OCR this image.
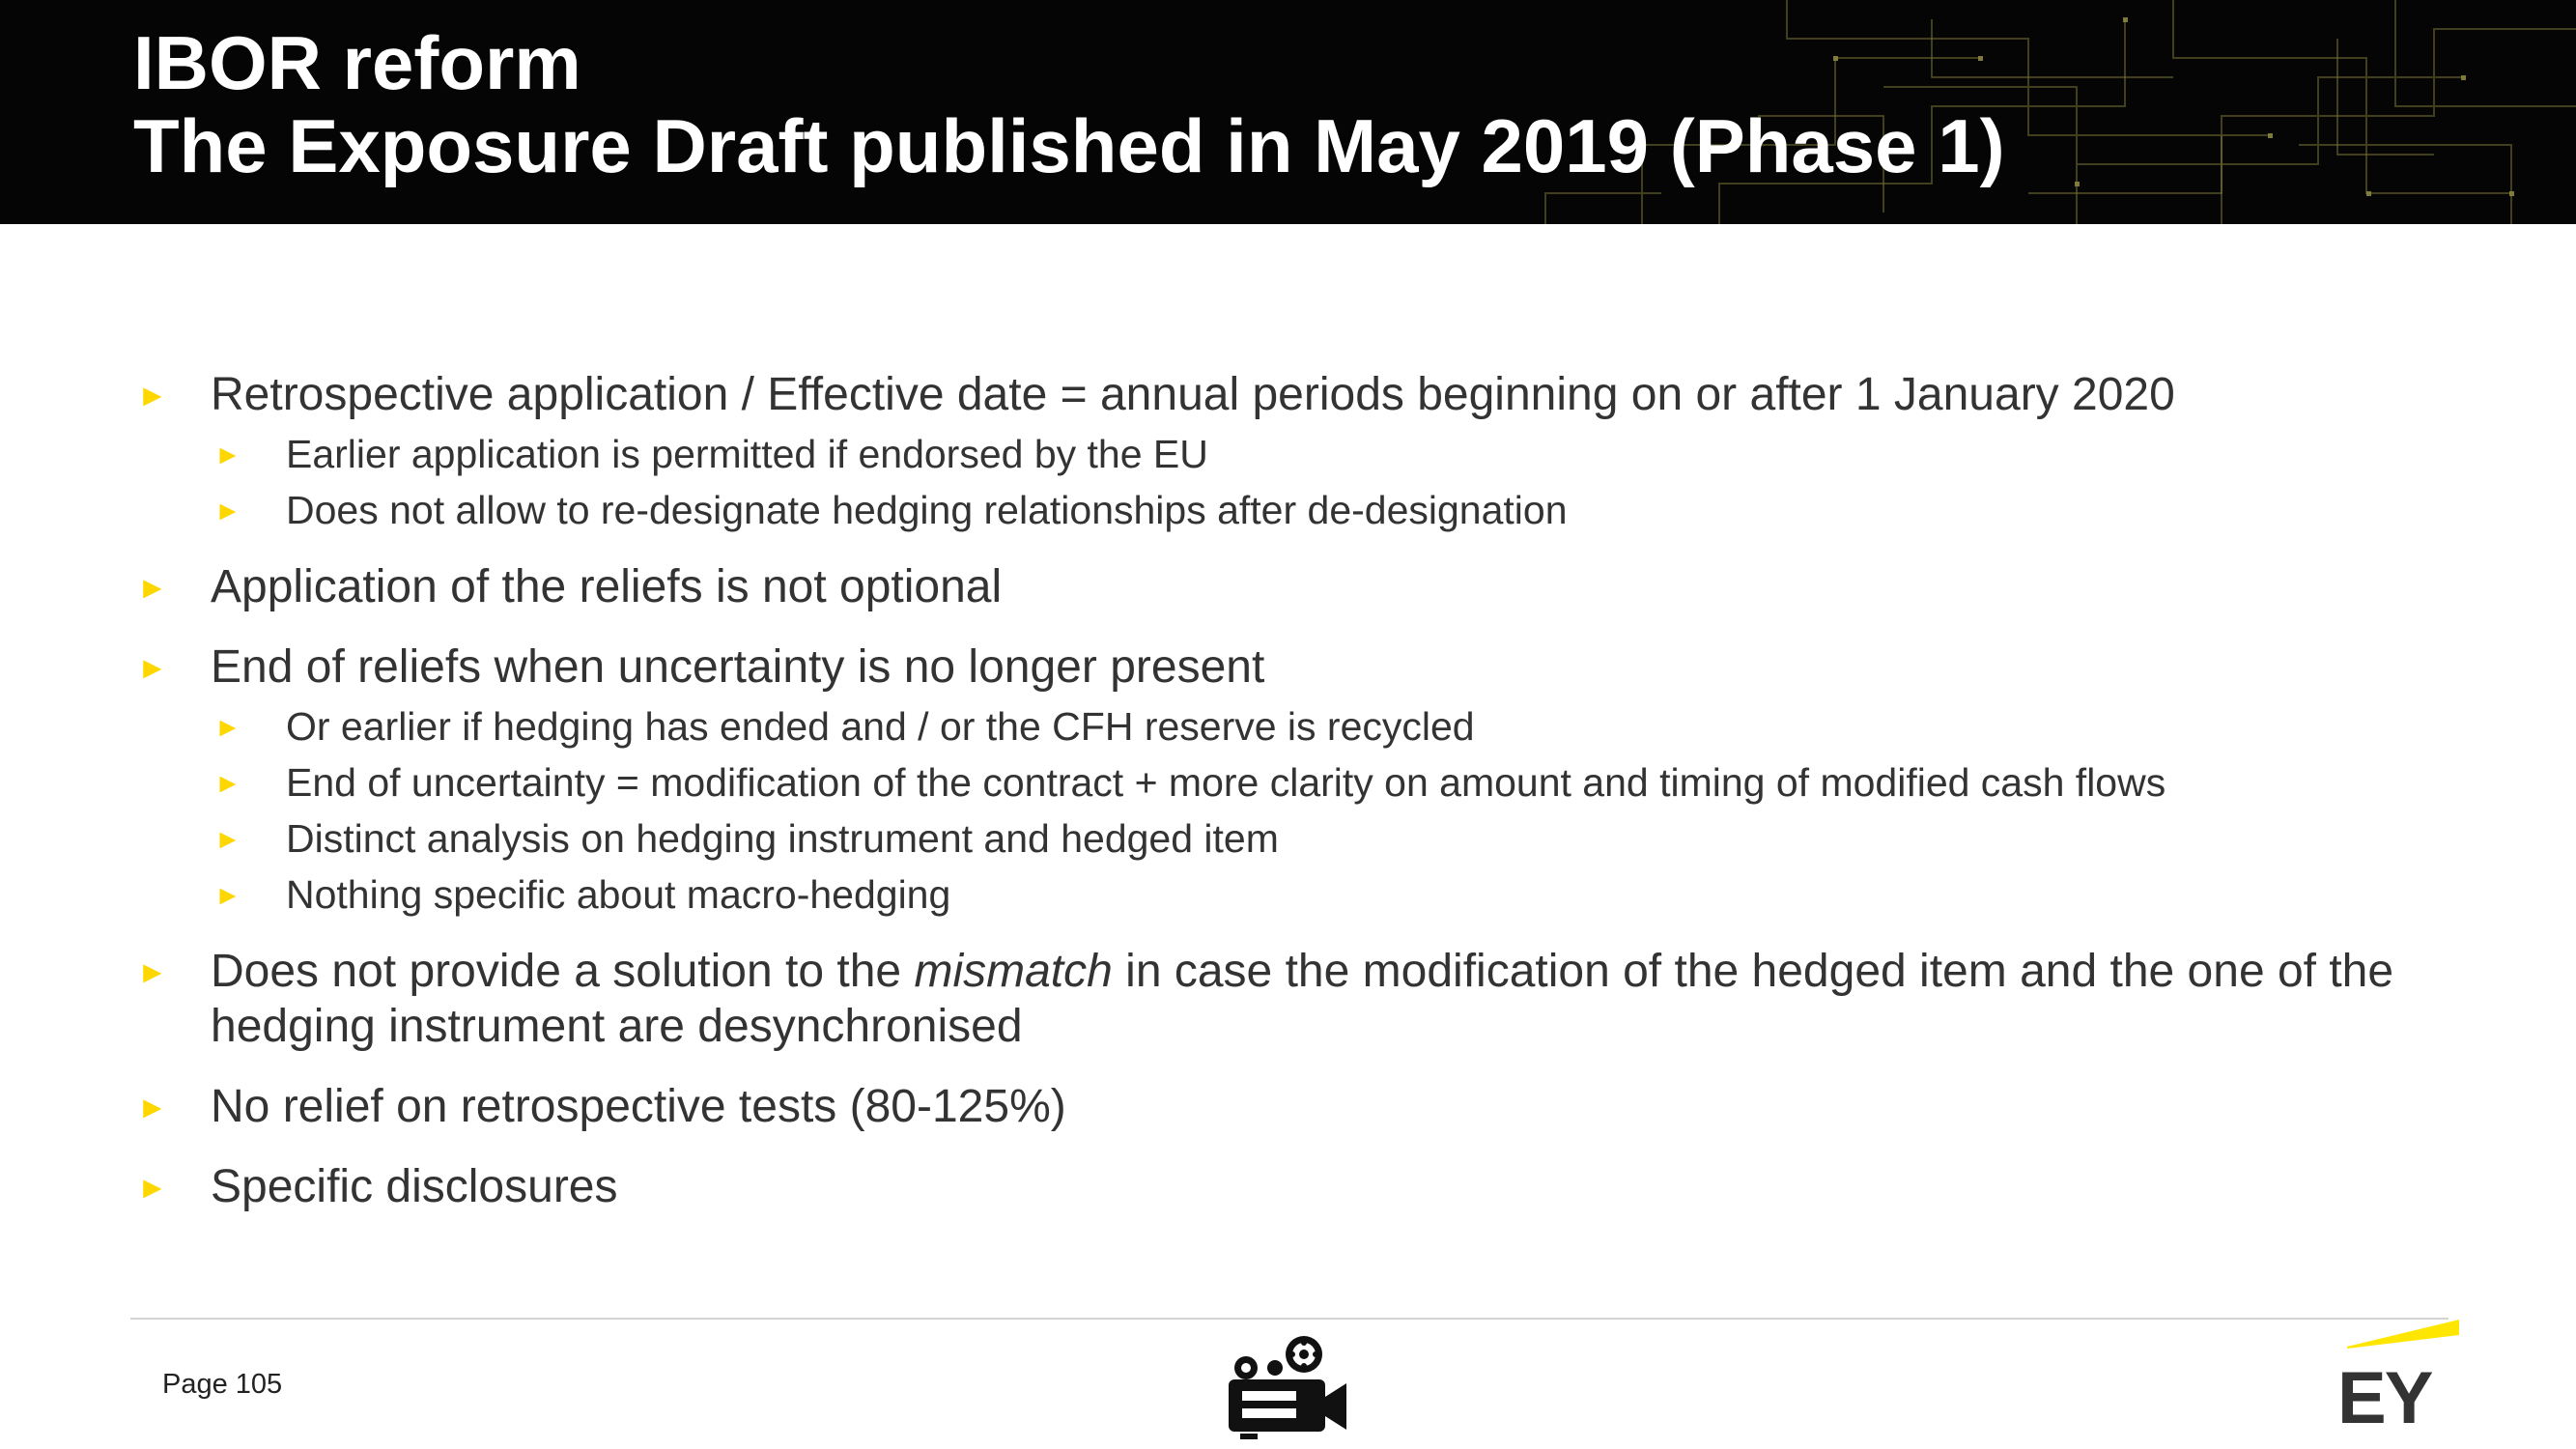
IBOR reform
The Exposure Draft published in May 2019 (Phase 1)
► Retrospective application / Effective date = annual periods beginning on or after 1 January 2020
► Earlier application is permitted if endorsed by the EU
► Does not allow to re-designate hedging relationships after de-designation
► Application of the reliefs is not optional
► End of reliefs when uncertainty is no longer present
► Or earlier if hedging has ended and / or the CFH reserve is recycled
► End of uncertainty = modification of the contract + more clarity on amount and timing of modified cash flows
► Distinct analysis on hedging instrument and hedged item
► Nothing specific about macro-hedging
► Does not provide a solution to the mismatch in case the modification of the hedged item and the one of the hedging instrument are desynchronised
► No relief on retrospective tests (80-125%)
► Specific disclosures
Page 105	EY
